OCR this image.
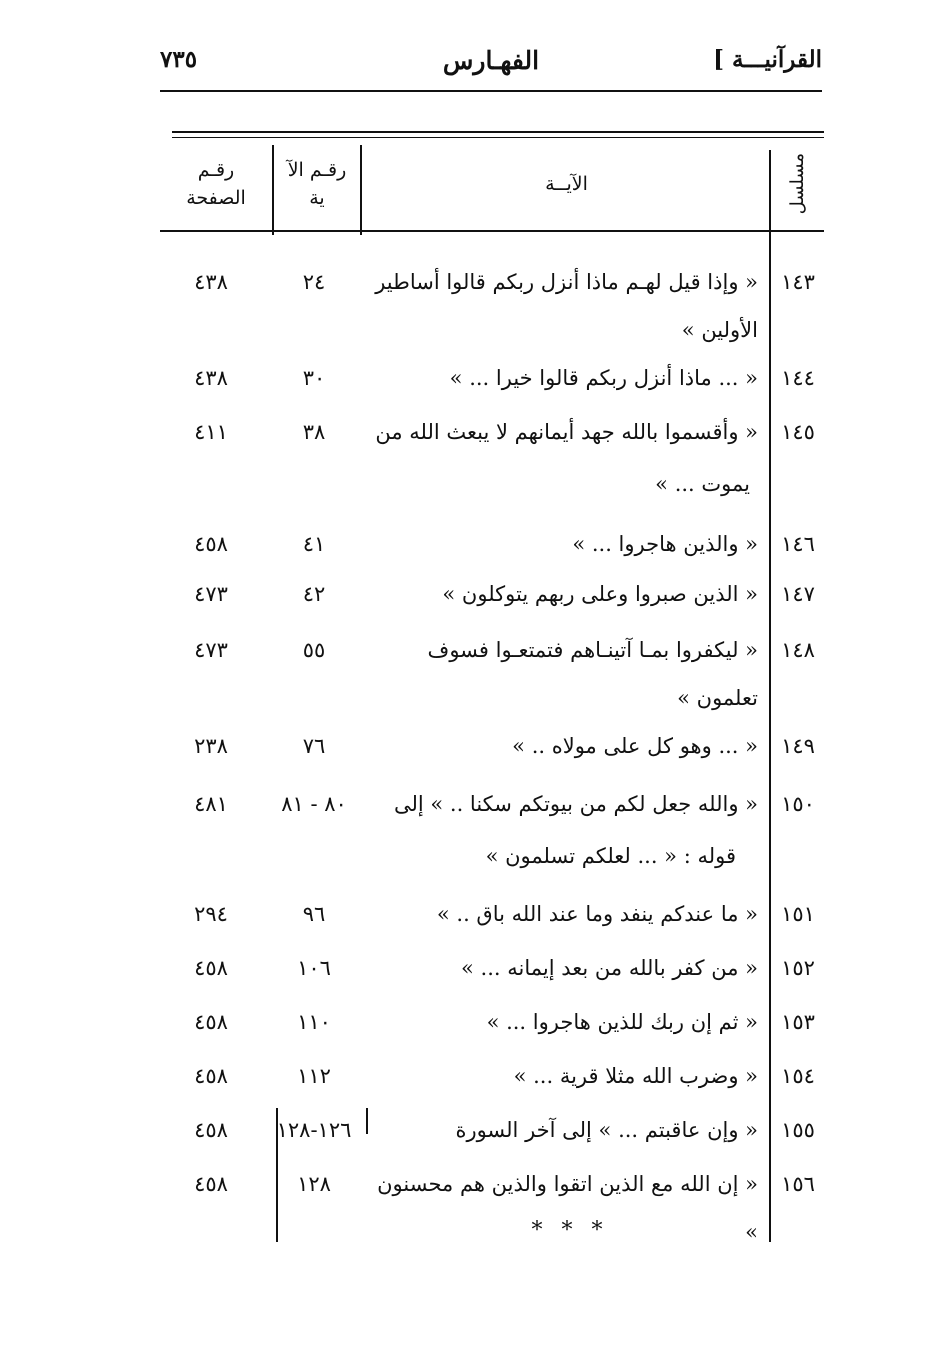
القرآنيـــة ]
الفهـارس
٧٣٥
مسلسل
الآيــة
رقـم الآ ية
رقـم الصفحة
١٤٣
« وإذا قيل لهـم ماذا أنزل ربكم قالوا أساطير
الأولين »
٢٤
٤٣٨
١٤٤
« ... ماذا أنزل ربكم قالوا خيرا ... »
٣٠
٤٣٨
١٤٥
« وأقسموا بالله جهد أيمانهم لا يبعث الله من
يموت ... »
٣٨
٤١١
١٤٦
« والذين هاجروا ... »
٤١
٤٥٨
١٤٧
« الذين صبروا وعلى ربهم يتوكلون »
٤٢
٤٧٣
١٤٨
« ليكفروا بمـا آتينـاهم فتمتعـوا فسوف
تعلمون »
٥٥
٤٧٣
١٤٩
« ... وهو كل على مولاه .. »
٧٦
٢٣٨
١٥٠
« والله جعل لكم من بيوتكم سكنا .. » إلى
قوله : « ... لعلكم تسلمون »
٨٠ - ٨١
٤٨١
١٥١
« ما عندكم ينفد وما عند الله باق .. »
٩٦
٢٩٤
١٥٢
« من كفر بالله من بعد إيمانه ... »
١٠٦
٤٥٨
١٥٣
« ثم إن ربك للذين هاجروا ... »
١١٠
٤٥٨
١٥٤
« وضرب الله مثلا قرية ... »
١١٢
٤٥٨
١٥٥
« وإن عاقبتم ... » إلى آخر السورة
١٢٦-١٢٨
٤٥٨
١٥٦
« إن الله مع الذين اتقوا والذين هم محسنون »
١٢٨
٤٥٨
* * *
